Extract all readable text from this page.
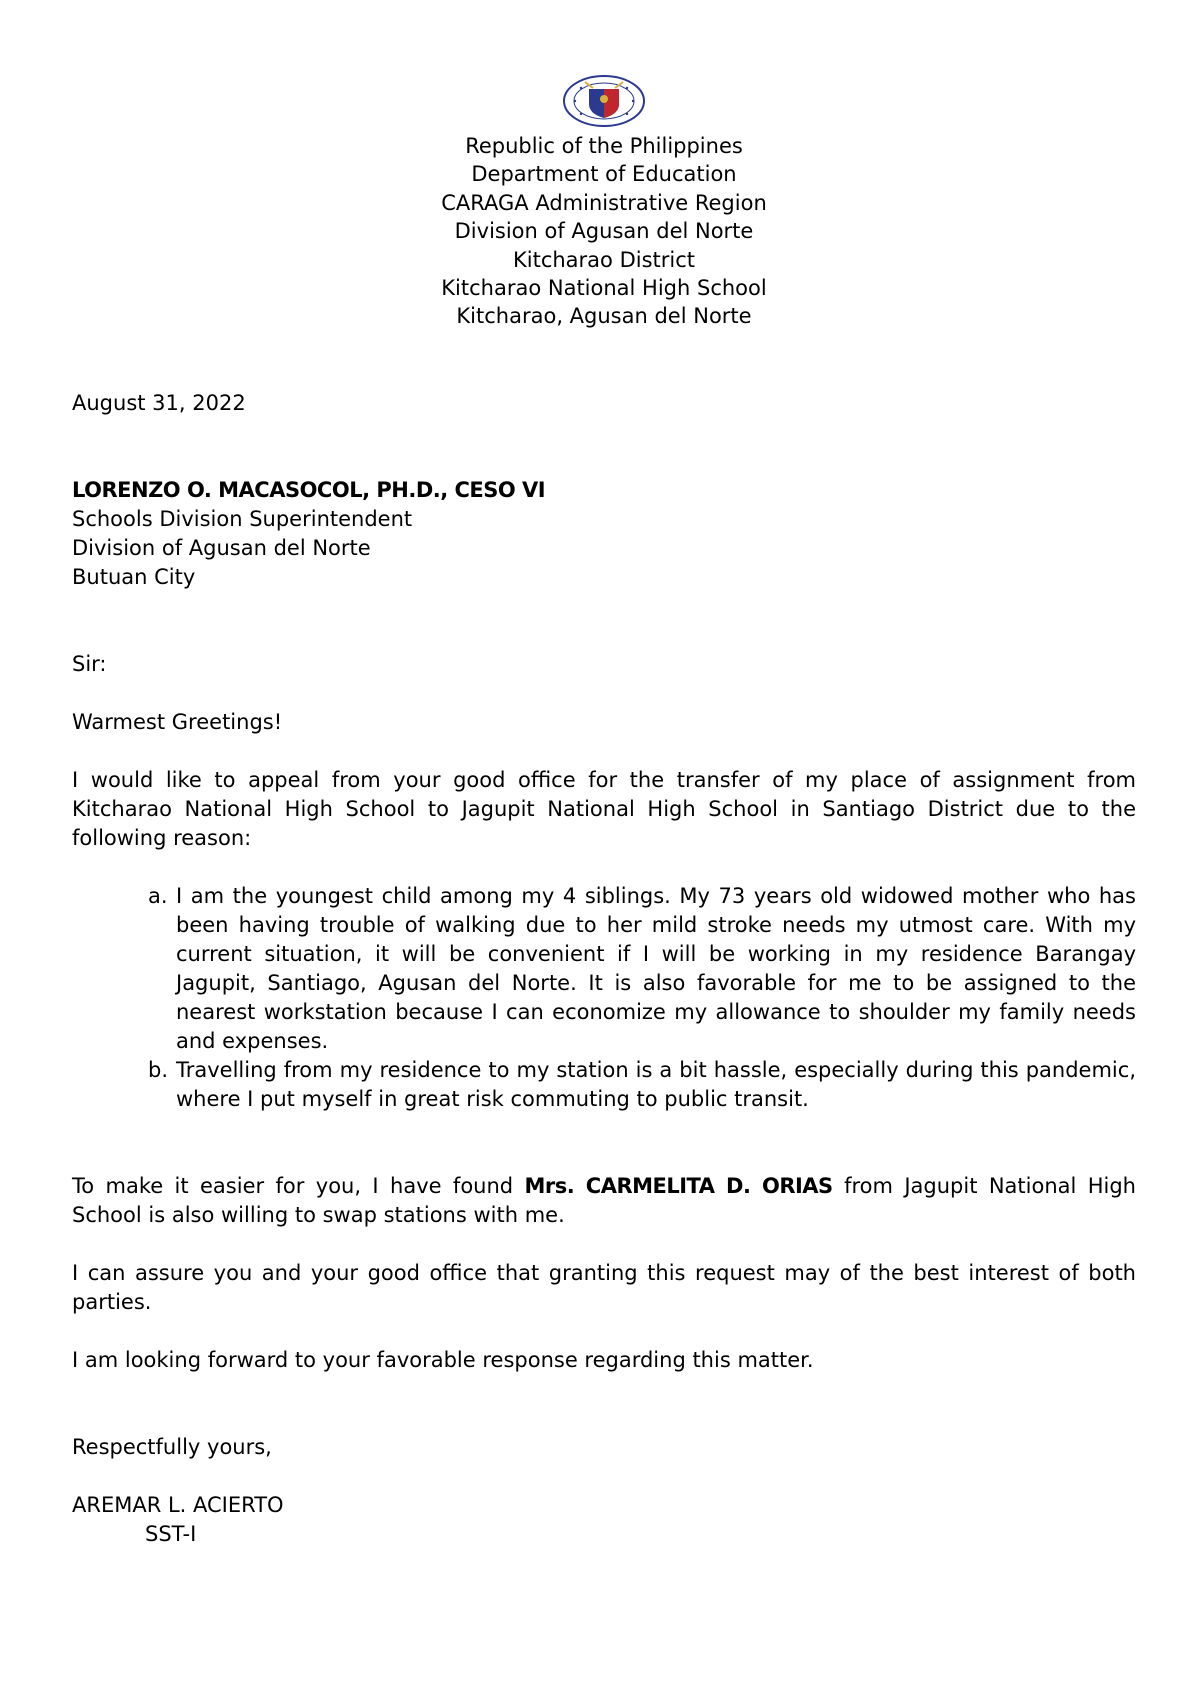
Republic of the Philippines
Department of Education
CARAGA Administrative Region
Division of Agusan del Norte
Kitcharao District
Kitcharao National High School
Kitcharao, Agusan del Norte
August 31, 2022
LORENZO O. MACASOCOL, PH.D., CESO VI
Schools Division Superintendent
Division of Agusan del Norte
Butuan City
Sir:
Warmest Greetings!

I would like to appeal from your good office for the transfer of my place of assignment from Kitcharao National High School to Jagupit National High School in Santiago District due to the following reason:

a. I am the youngest child among my 4 siblings. My 73 years old widowed mother who has been having trouble of walking due to her mild stroke needs my utmost care. With my current situation, it will be convenient if I will be working in my residence Barangay Jagupit, Santiago, Agusan del Norte. It is also favorable for me to be assigned to the nearest workstation because I can economize my allowance to shoulder my family needs and expenses.
b. Travelling from my residence to my station is a bit hassle, especially during this pandemic, where I put myself in great risk commuting to public transit.

To make it easier for you, I have found Mrs. CARMELITA D. ORIAS from Jagupit National High School is also willing to swap stations with me.

I can assure you and your good office that granting this request may of the best interest of both parties.

I am looking forward to your favorable response regarding this matter.

Respectfully yours,
AREMAR L. ACIERTO
SST-I
